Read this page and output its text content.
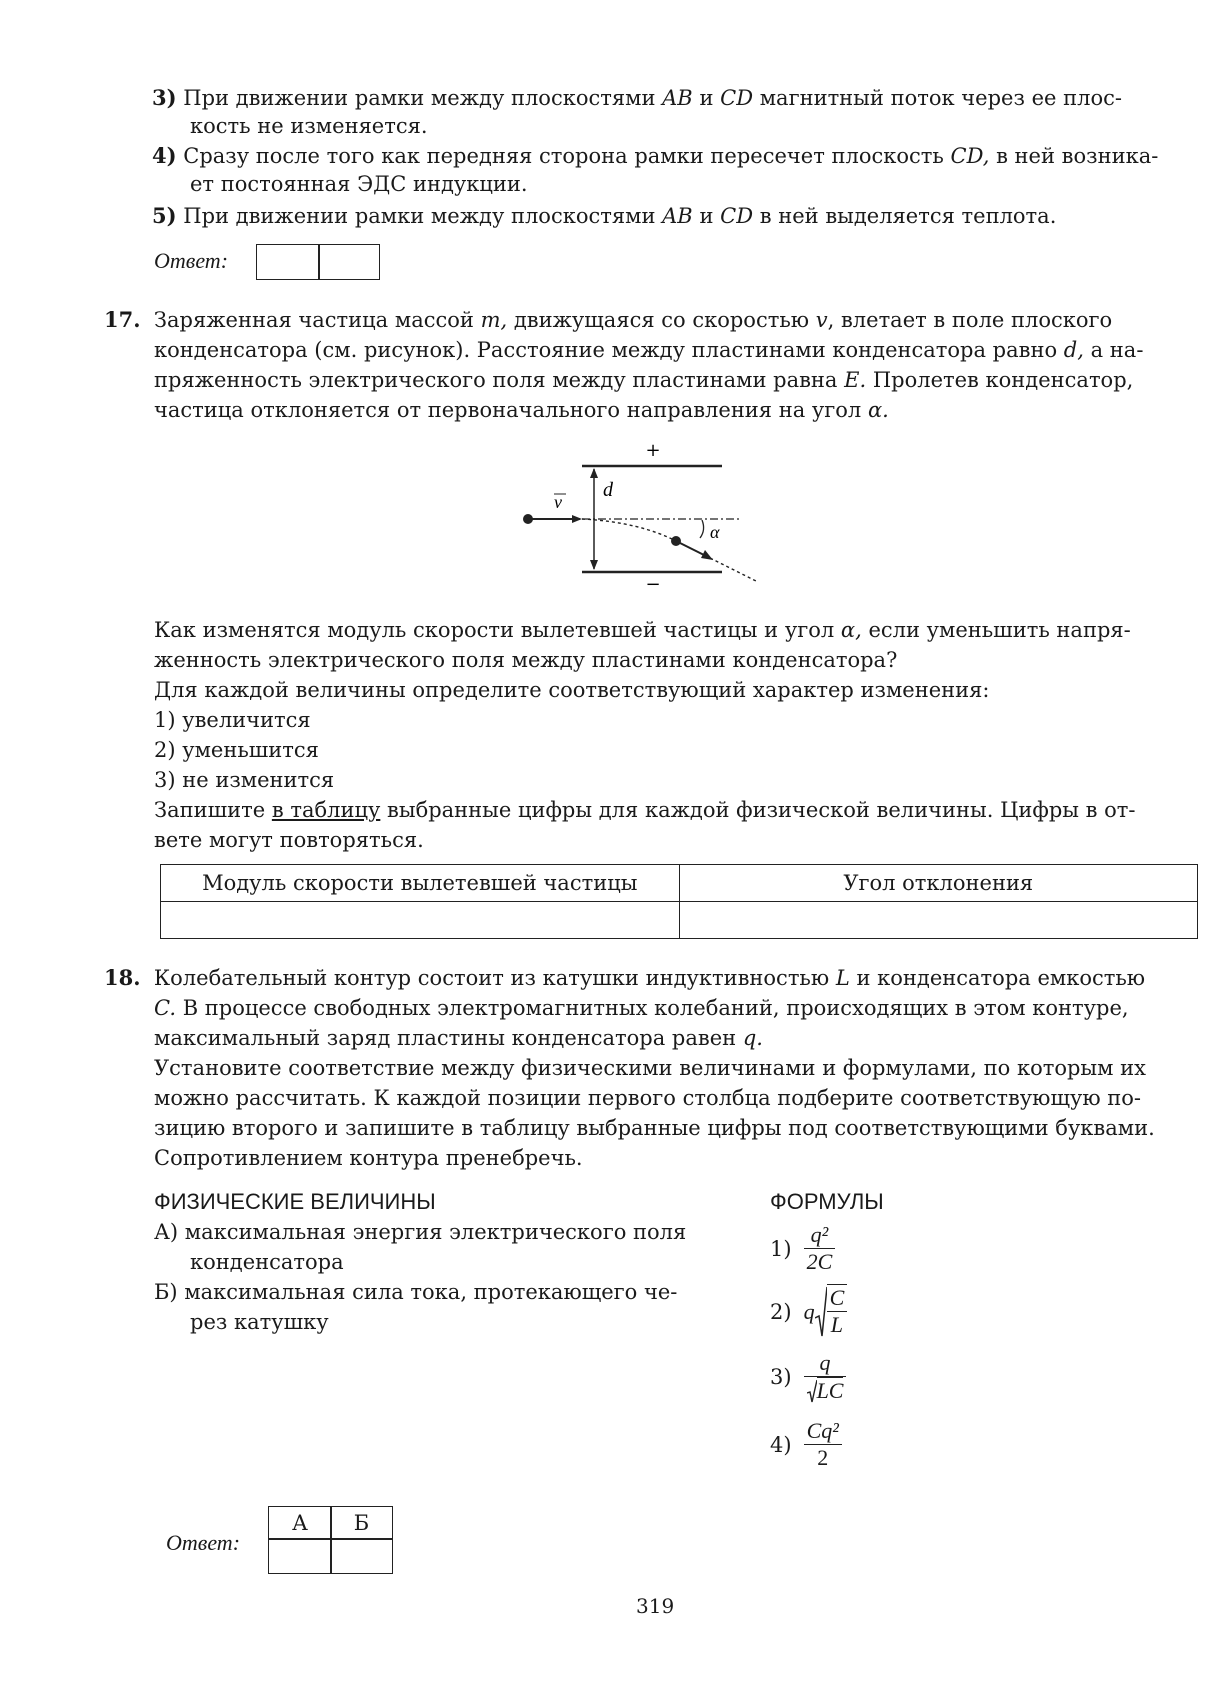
3) При движении рамки между плоскостями AB и CD магнитный поток через ее плос-
кость не изменяется.
4) Сразу после того как передняя сторона рамки пересечет плоскость CD, в ней возника-
ет постоянная ЭДС индукции.
5) При движении рамки между плоскостями AB и CD в ней выделяется теплота.
Ответ:
17. Заряженная частица массой m, движущаяся со скоростью v, влетает в поле плоского
конденсатора (см. рисунок). Расстояние между пластинами конденсатора равно d, а на-
пряженность электрического поля между пластинами равна E. Пролетев конденсатор,
частица отклоняется от первоначального направления на угол α.
+
−
d
v
α
Как изменятся модуль скорости вылетевшей частицы и угол α, если уменьшить напря-
женность электрического поля между пластинами конденсатора?
Для каждой величины определите соответствующий характер изменения:
1) увеличится
2) уменьшится
3) не изменится
Запишите в таблицу выбранные цифры для каждой физической величины. Цифры в от-
вете могут повторяться.
Модуль скорости вылетевшей частицы	Угол отклонения

18. Колебательный контур состоит из катушки индуктивностью L и конденсатора емкостью
C. В процессе свободных электромагнитных колебаний, происходящих в этом контуре,
максимальный заряд пластины конденсатора равен q.
Установите соответствие между физическими величинами и формулами, по которым их
можно рассчитать. К каждой позиции первого столбца подберите соответствующую по-
зицию второго и запишите в таблицу выбранные цифры под соответствующими буквами.
Сопротивлением контура пренебречь.
ФИЗИЧЕСКИЕ ВЕЛИЧИНЫ	ФОРМУЛЫ
А) максимальная энергия электрического поля
конденсатора
Б) максимальная сила тока, протекающего че-
рез катушку
$1) \frac{\text{q²}}{2C}$
2) q $\frac{C}{L}$
$3) \frac{q}{LC}$
$4) \frac{\text{Cq²}}{2}$
Ответ:
А	Б
319
